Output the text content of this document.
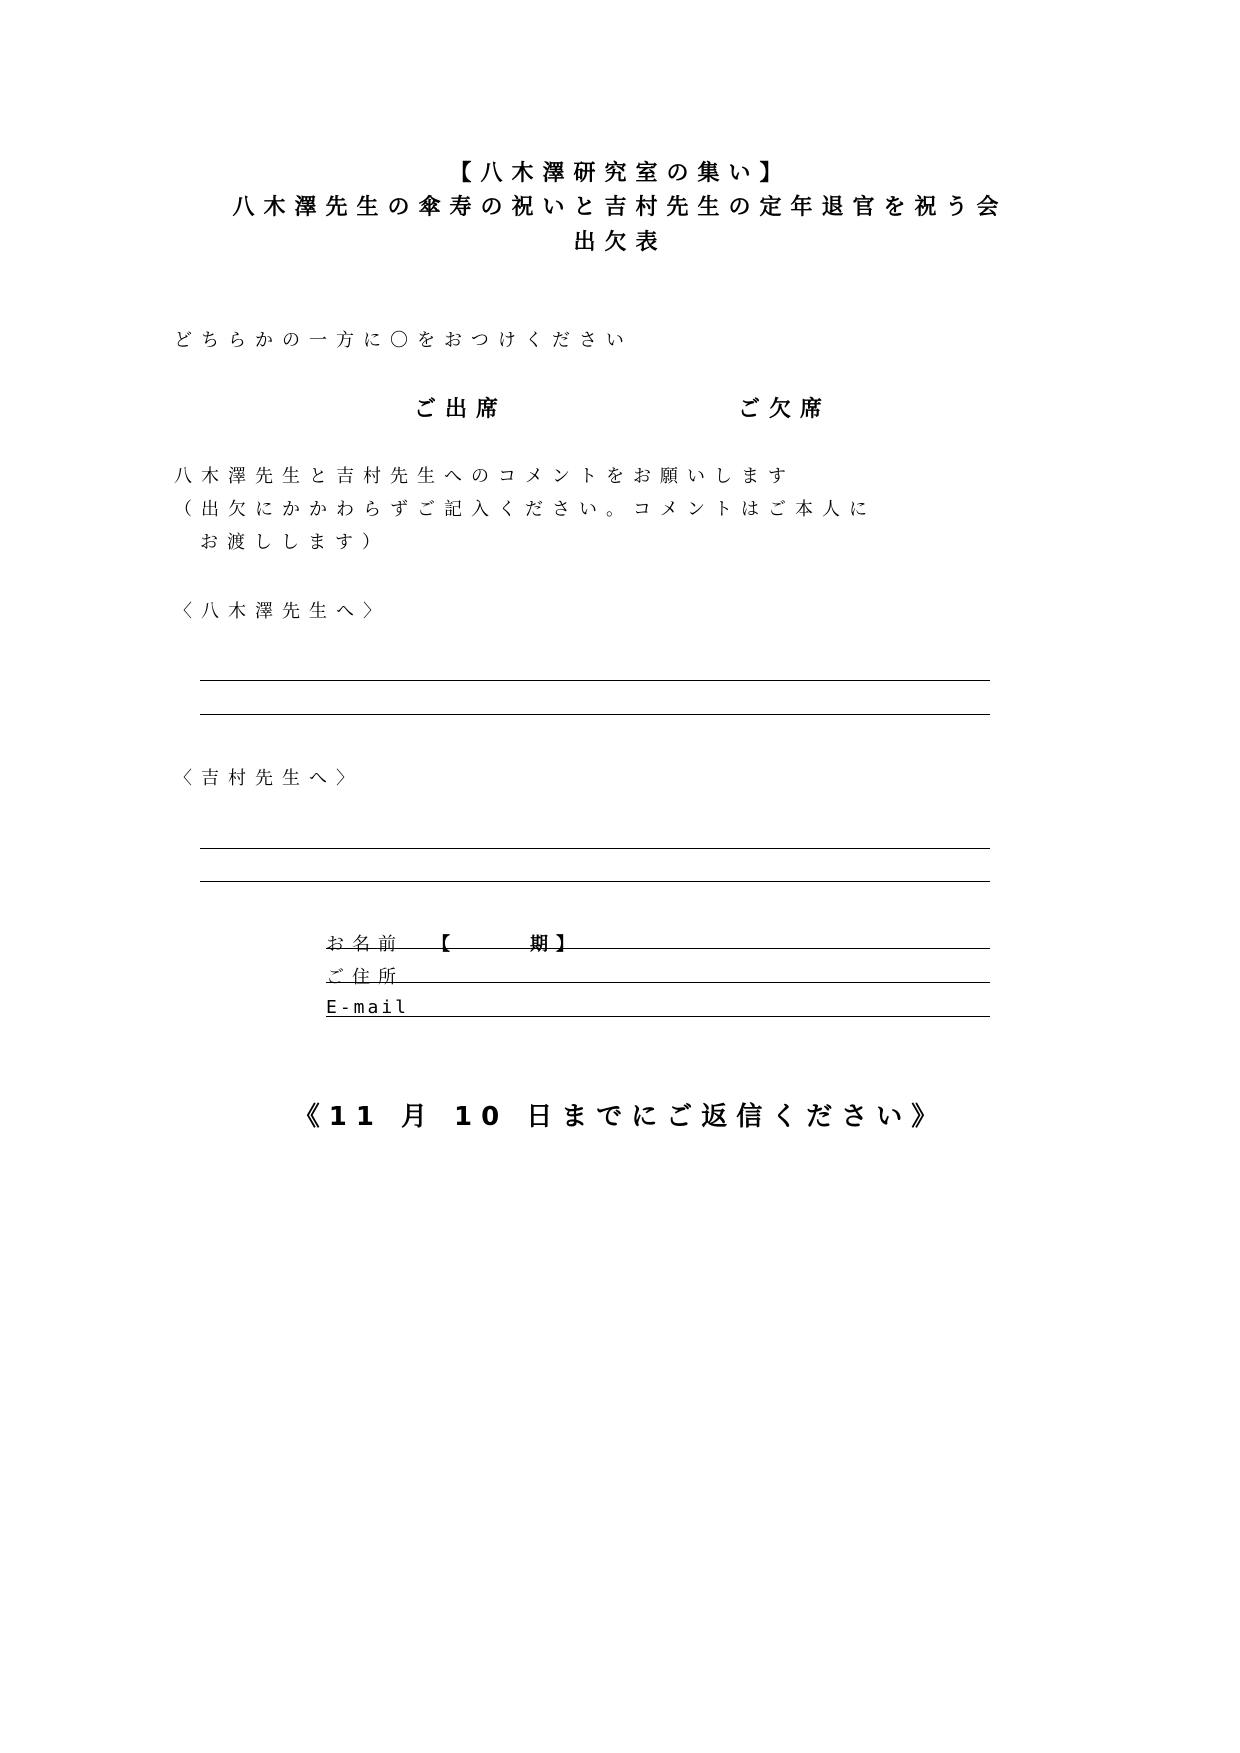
【八木澤研究室の集い】
八木澤先生の傘寿の祝いと吉村先生の定年退官を祝う会
出欠表
どちらかの一方に〇をおつけください
ご出席	ご欠席
八木澤先生と吉村先生へのコメントをお願いします
（出欠にかかわらずご記入ください。コメントはご本人に
お渡しします）
〈八木澤先生へ〉
〈吉村先生へ〉
お名前 【	期】
ご住所
E-mail
《11 月 10 日までにご返信ください》
